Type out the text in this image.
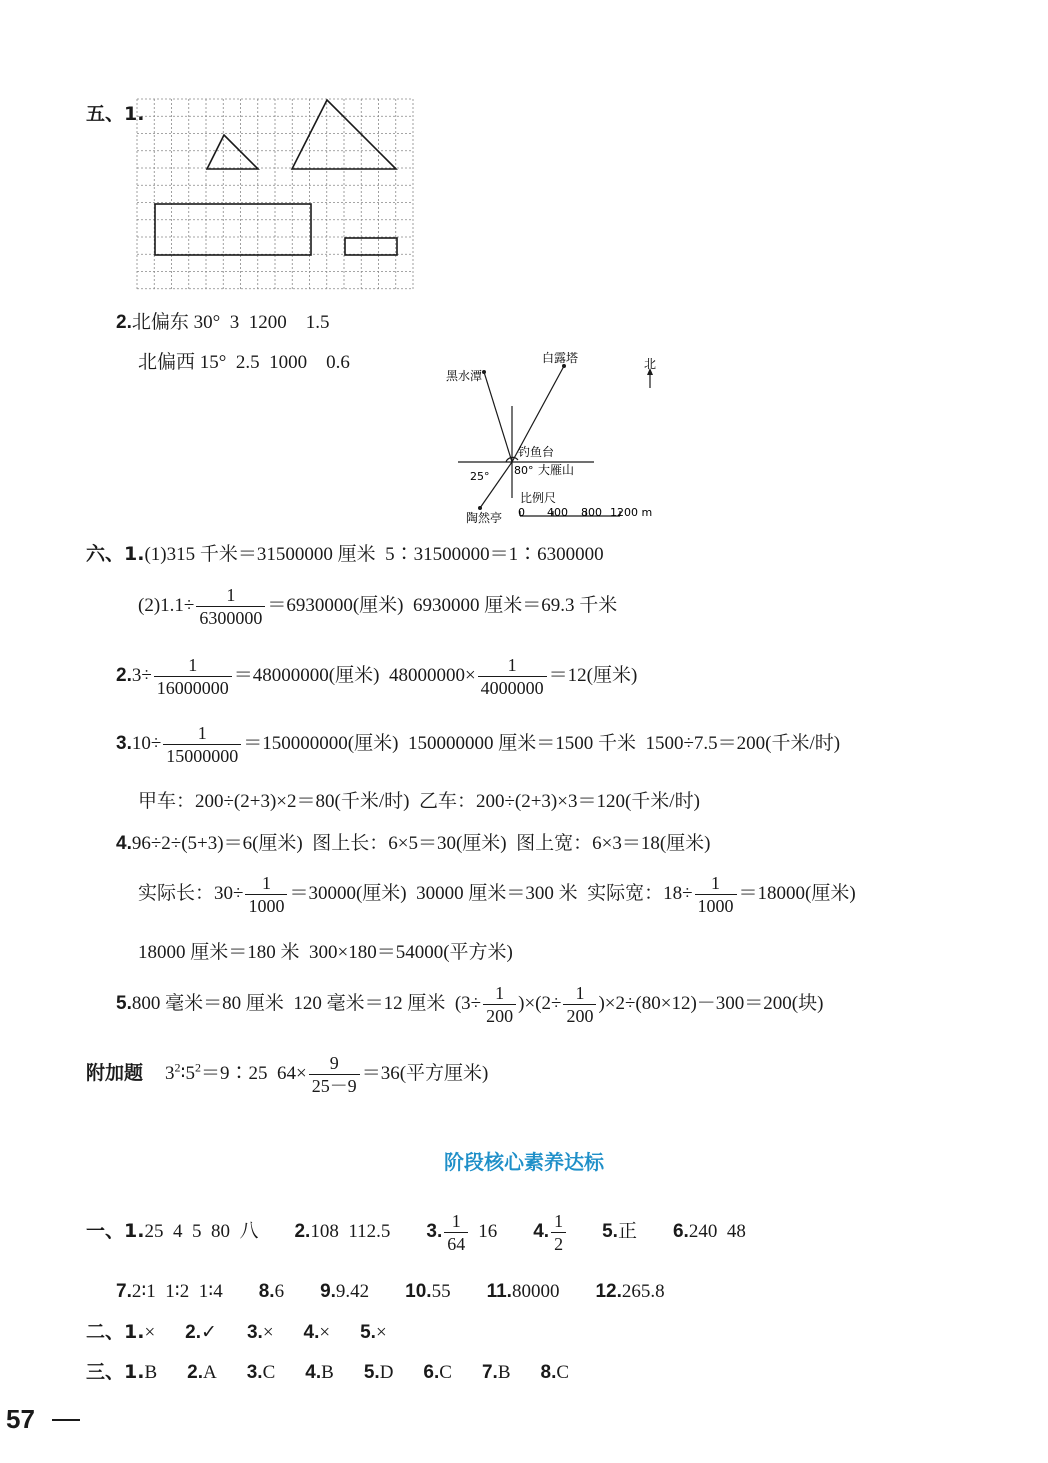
五、1.
2.北偏东 30°  3  1200    1.5
北偏西 15°  2.5  1000    0.6	北
白露塔
黑水潭
钓鱼台
大雁山
陶然亭
25° 80°
比例尺
0 400 800 1200 m
六、1.(1)315 千米＝31500000 厘米  5∶31500000＝1∶6300000
$(2)1.1\div \frac{1}{6300000} =6930000$(厘米)  6930000 厘米＝69.3 千米
$2.3\div \frac{1}{16000000} =48000000$(厘米)  $48000000\times \frac{1}{4000000} =12$(厘米)
$3.10\div \frac{1}{15000000} =150000000$(厘米)  150000000 厘米＝1500 千米  1500÷7.5＝200(千米/时)
甲车：200÷(2+3)×2＝80(千米/时)  乙车：200÷(2+3)×3＝120(千米/时)
4.96÷2÷(5+3)＝6(厘米)  图上长：6×5＝30(厘米)  图上宽：6×3＝18(厘米)
实际长：$30\div \frac{1}{1000} =30000$(厘米)  30000 厘米＝300 米  实际宽：$18\div \frac{1}{1000} =18000$(厘米)
18000 厘米＝180 米  300×180＝54000(平方米)
5.800 毫米＝80 厘米  120 毫米＝12 厘米  $(3\div \frac{1}{200} )\times(2\div \frac{1}{200} )\times 2\div(80\times 12)-300=200$(块)
附加题 $3^2∶5^2=9∶25$  $64\times \frac{9}{25-9} =36$(平方厘米)
阶段核心素养达标
一、1.25  4  5  80  八 2.108  112.5 3. $\frac{1}{64} 16$ 4. $\frac{1}{2} 5$.正 6.240  48
7.2∶1  1∶2  1∶4 8.6 9.9.42 10.55 11.80000 12.265.8
二、1.× 2.✓ 3.× 4.× 5.×
三、1.B 2.A 3.C 4.B 5.D 6.C 7.B 8.C
57
